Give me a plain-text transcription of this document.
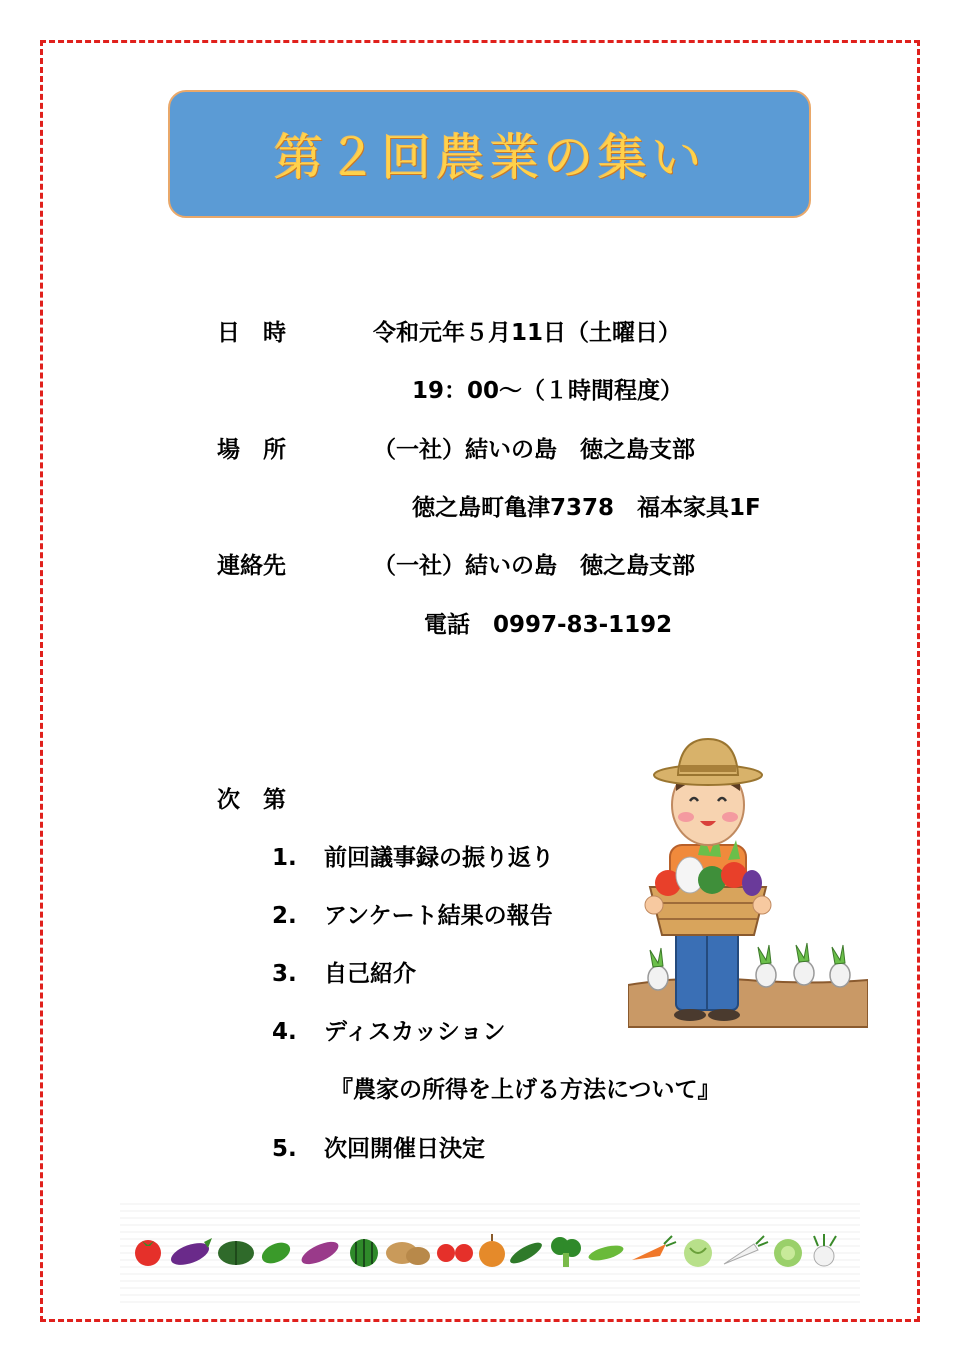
第２回農業の集い
日　時	令和元年５月11日（土曜日）
19：00～（１時間程度）
場　所	（一社）結いの島　徳之島支部
徳之島町亀津7378　福本家具1F
連絡先	（一社）結いの島　徳之島支部
電話　0997-83-1192
次　第
1. 前回議事録の振り返り
2. アンケート結果の報告
3. 自己紹介
4. ディスカッション
『農家の所得を上げる方法について』
5. 次回開催日決定
